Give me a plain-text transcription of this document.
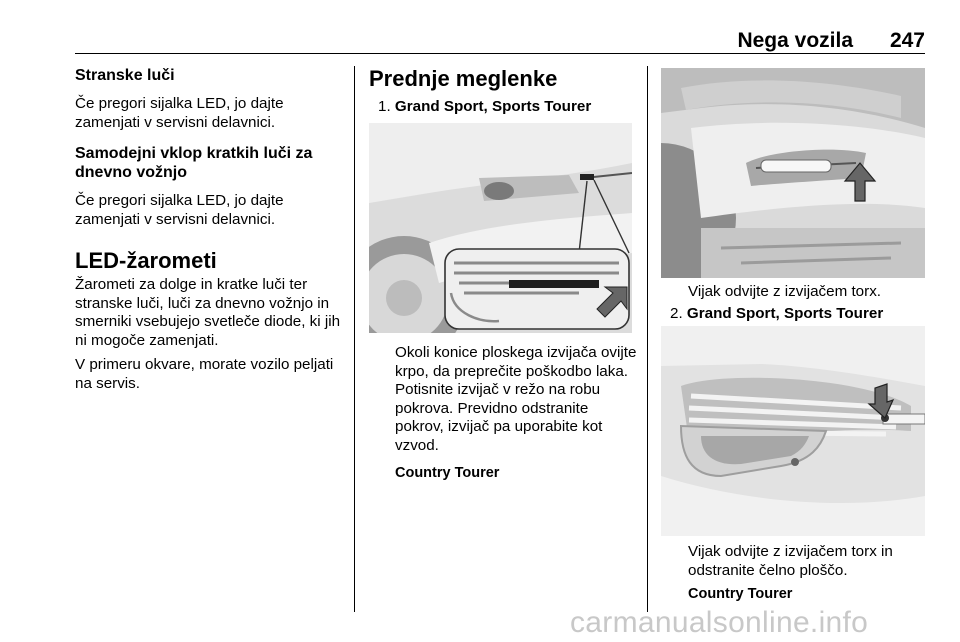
Nega vozila 247

Stranske luči

Če pregori sijalka LED, jo dajte zamenjati v servisni delavnici.

Samodejni vklop kratkih luči za dnevno vožnjo

Če pregori sijalka LED, jo dajte zamenjati v servisni delavnici.

LED-žarometi

Žarometi za dolge in kratke luči ter stranske luči, luči za dnevno vožnjo in smerniki vsebujejo svetleče diode, ki jih ni mogoče zamenjati.

V primeru okvare, morate vozilo peljati na servis.

Prednje meglenke

1. Grand Sport, Sports Tourer

Okoli konice ploskega izvijača ovijte krpo, da preprečite poškodbo laka. Potisnite izvijač v režo na robu pokrova. Previdno odstranite pokrov, izvijač pa uporabite kot vzvod.

Country Tourer

Vijak odvijte z izvijačem torx.

2. Grand Sport, Sports Tourer

Vijak odvijte z izvijačem torx in odstranite čelno ploščo.

Country Tourer

carmanualsonline.info
